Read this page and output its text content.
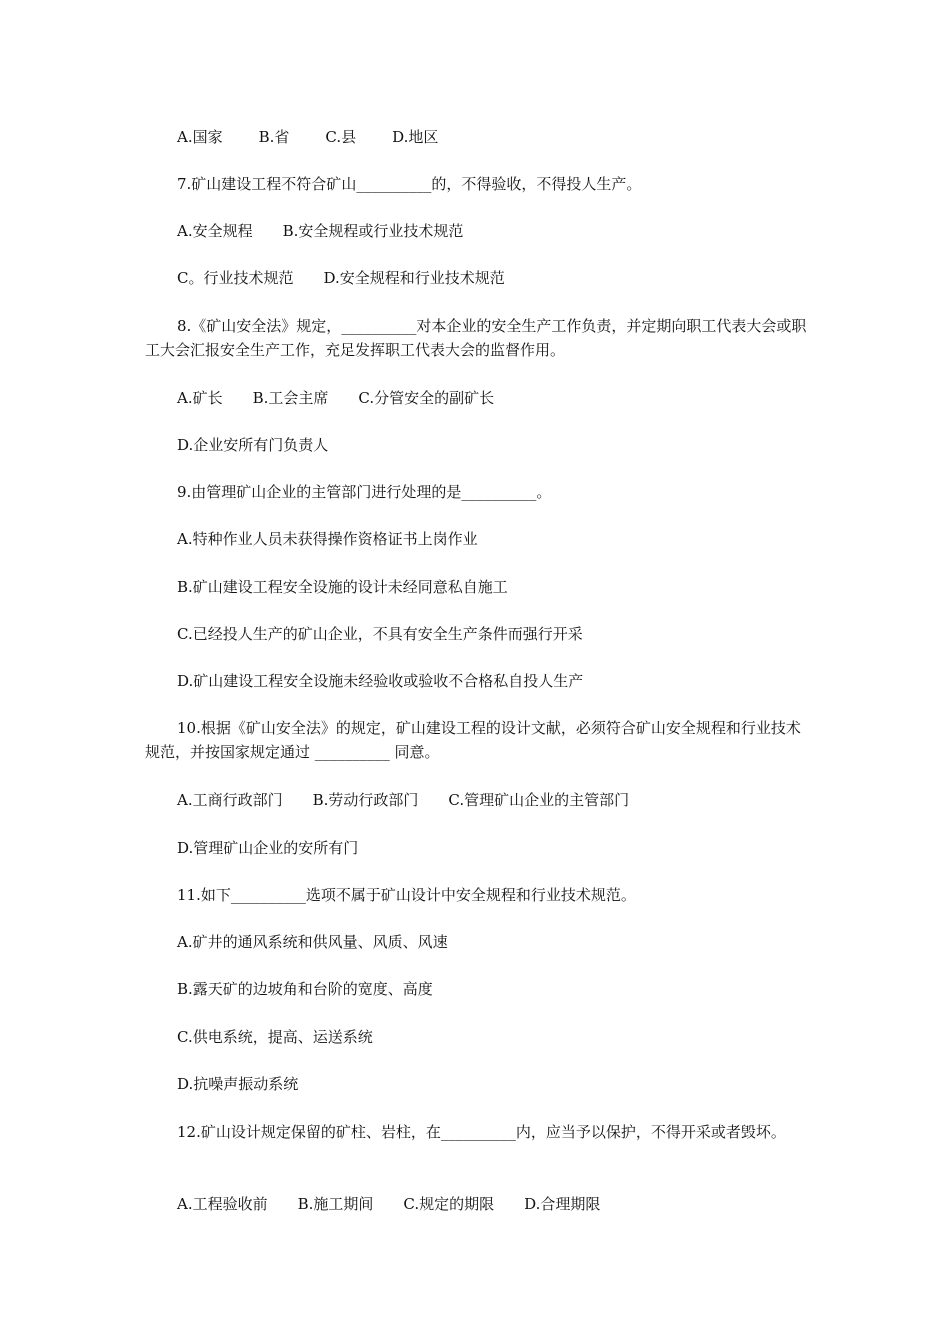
A.国家 B.省 C.县 D.地区
7.矿山建设工程不符合矿山__________的，不得验收，不得投人生产。
A.安全规程 B.安全规程或行业技术规范
C。行业技术规范 D.安全规程和行业技术规范
8.《矿山安全法》规定，__________对本企业的安全生产工作负责，并定期向职工代表大会或职工大会汇报安全生产工作，充足发挥职工代表大会的监督作用。
A.矿长 B.工会主席 C.分管安全的副矿长
D.企业安所有门负责人
9.由管理矿山企业的主管部门进行处理的是__________。
A.特种作业人员未获得操作资格证书上岗作业
B.矿山建设工程安全设施的设计未经同意私自施工
C.已经投人生产的矿山企业，不具有安全生产条件而强行开采
D.矿山建设工程安全设施未经验收或验收不合格私自投人生产
10.根据《矿山安全法》的规定，矿山建设工程的设计文献，必须符合矿山安全规程和行业技术规范，并按国家规定通过 __________ 同意。
A.工商行政部门 B.劳动行政部门 C.管理矿山企业的主管部门
D.管理矿山企业的安所有门
11.如下__________选项不属于矿山设计中安全规程和行业技术规范。
A.矿井的通风系统和供风量、风质、风速
B.露天矿的边坡角和台阶的宽度、高度
C.供电系统，提高、运送系统
D.抗噪声振动系统
12.矿山设计规定保留的矿柱、岩柱，在__________内，应当予以保护，不得开采或者毁坏。
A.工程验收前 B.施工期间 C.规定的期限 D.合理期限
